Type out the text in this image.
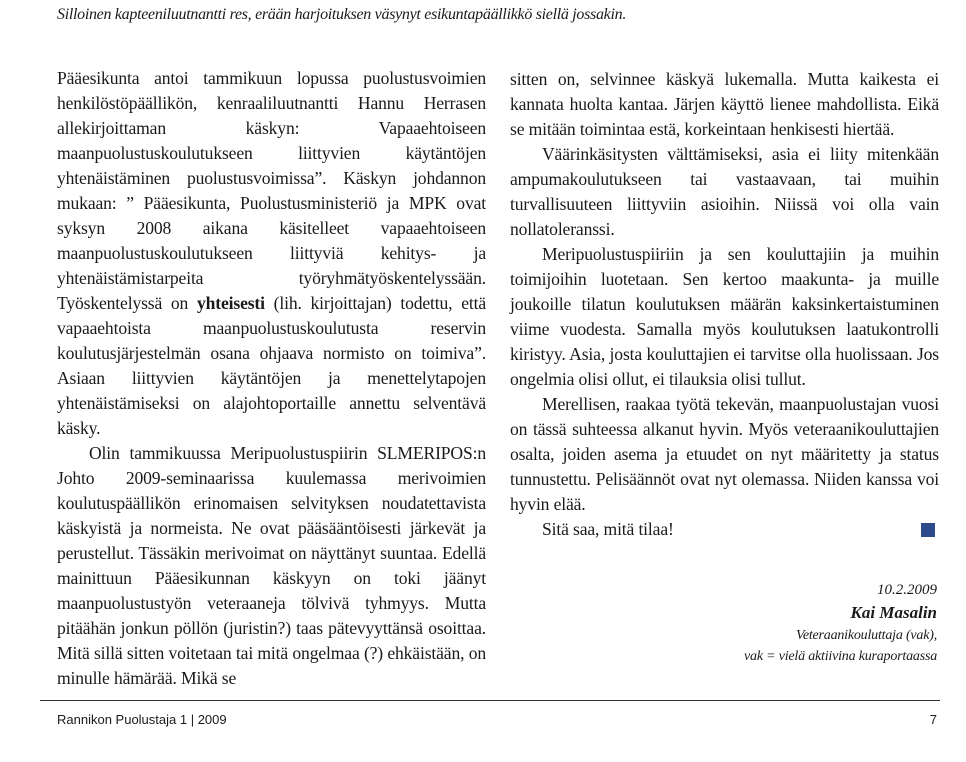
Silloinen kapteeniluutnantti res, erään harjoituksen väsynyt esikuntapäällikkö siellä jossakin.

Pääesikunta antoi tammikuun lopussa puolustusvoimien henkilöstöpäällikön, kenraaliluutnantti Hannu Herrasen allekirjoittaman käskyn: Vapaaehtoiseen maanpuolustuskoulutukseen liittyvien käytäntöjen yhtenäistäminen puolustusvoimissa”. Käskyn johdannon mukaan: ” Pääesikunta, Puolustusministeriö ja MPK ovat syksyn 2008 aikana käsitelleet vapaaehtoiseen maanpuolustuskoulutukseen liittyviä kehitys- ja yhtenäistämistarpeita työryhmätyöskentelyssään. Työskentelyssä on yhteisesti (lih. kirjoittajan) todettu, että vapaaehtoista maanpuolustuskoulutusta reservin koulutusjärjestelmän osana ohjaava normisto on toimiva”. Asiaan liittyvien käytäntöjen ja menettelytapojen yhtenäistämiseksi on alajohtoportaille annettu selventävä käsky.

Olin tammikuussa Meripuolustuspiirin SLMERIPOS:n Johto 2009-seminaarissa kuulemassa merivoimien koulutuspäällikön erinomaisen selvityksen noudatettavista käskyistä ja normeista. Ne ovat pääsääntöisesti järkevät ja perustellut. Tässäkin merivoimat on näyttänyt suuntaa. Edellä mainittuun Pääesikunnan käskyyn on toki jäänyt maanpuolustustyön veteraaneja tölvivä tyhmyys. Mutta pitäähän jonkun pöllön (juristin?) taas pätevyyttänsä osoittaa. Mitä sillä sitten voitetaan tai mitä ongelmaa (?) ehkäistään, on minulle hämärää. Mikä se

sitten on, selvinnee käskyä lukemalla. Mutta kaikesta ei kannata huolta kantaa. Järjen käyttö lienee mahdollista. Eikä se mitään toimintaa estä, korkeintaan henkisesti hiertää.

Väärinkäsitysten välttämiseksi, asia ei liity mitenkään ampumakoulutukseen tai vastaavaan, tai muihin turvallisuuteen liittyviin asioihin. Niissä voi olla vain nollatoleranssi.

Meripuolustuspiiriin ja sen kouluttajiin ja muihin toimijoihin luotetaan. Sen kertoo maakunta- ja muille joukoille tilatun koulutuksen määrän kaksinkertaistuminen viime vuodesta. Samalla myös koulutuksen laatukontrolli kiristyy. Asia, josta kouluttajien ei tarvitse olla huolissaan. Jos ongelmia olisi ollut, ei tilauksia olisi tullut.

Merellisen, raakaa työtä tekevän, maanpuolustajan vuosi on tässä suhteessa alkanut hyvin. Myös veteraanikouluttajien osalta, joiden asema ja etuudet on nyt määritetty ja status tunnustettu. Pelisäännöt ovat nyt olemassa. Niiden kanssa voi hyvin elää.

Sitä saa, mitä tilaa!
10.2.2009
Kai Masalin
Veteraanikouluttaja (vak),
vak = vielä aktiivina kuraportaassa
Rannikon Puolustaja 1 | 2009	7
